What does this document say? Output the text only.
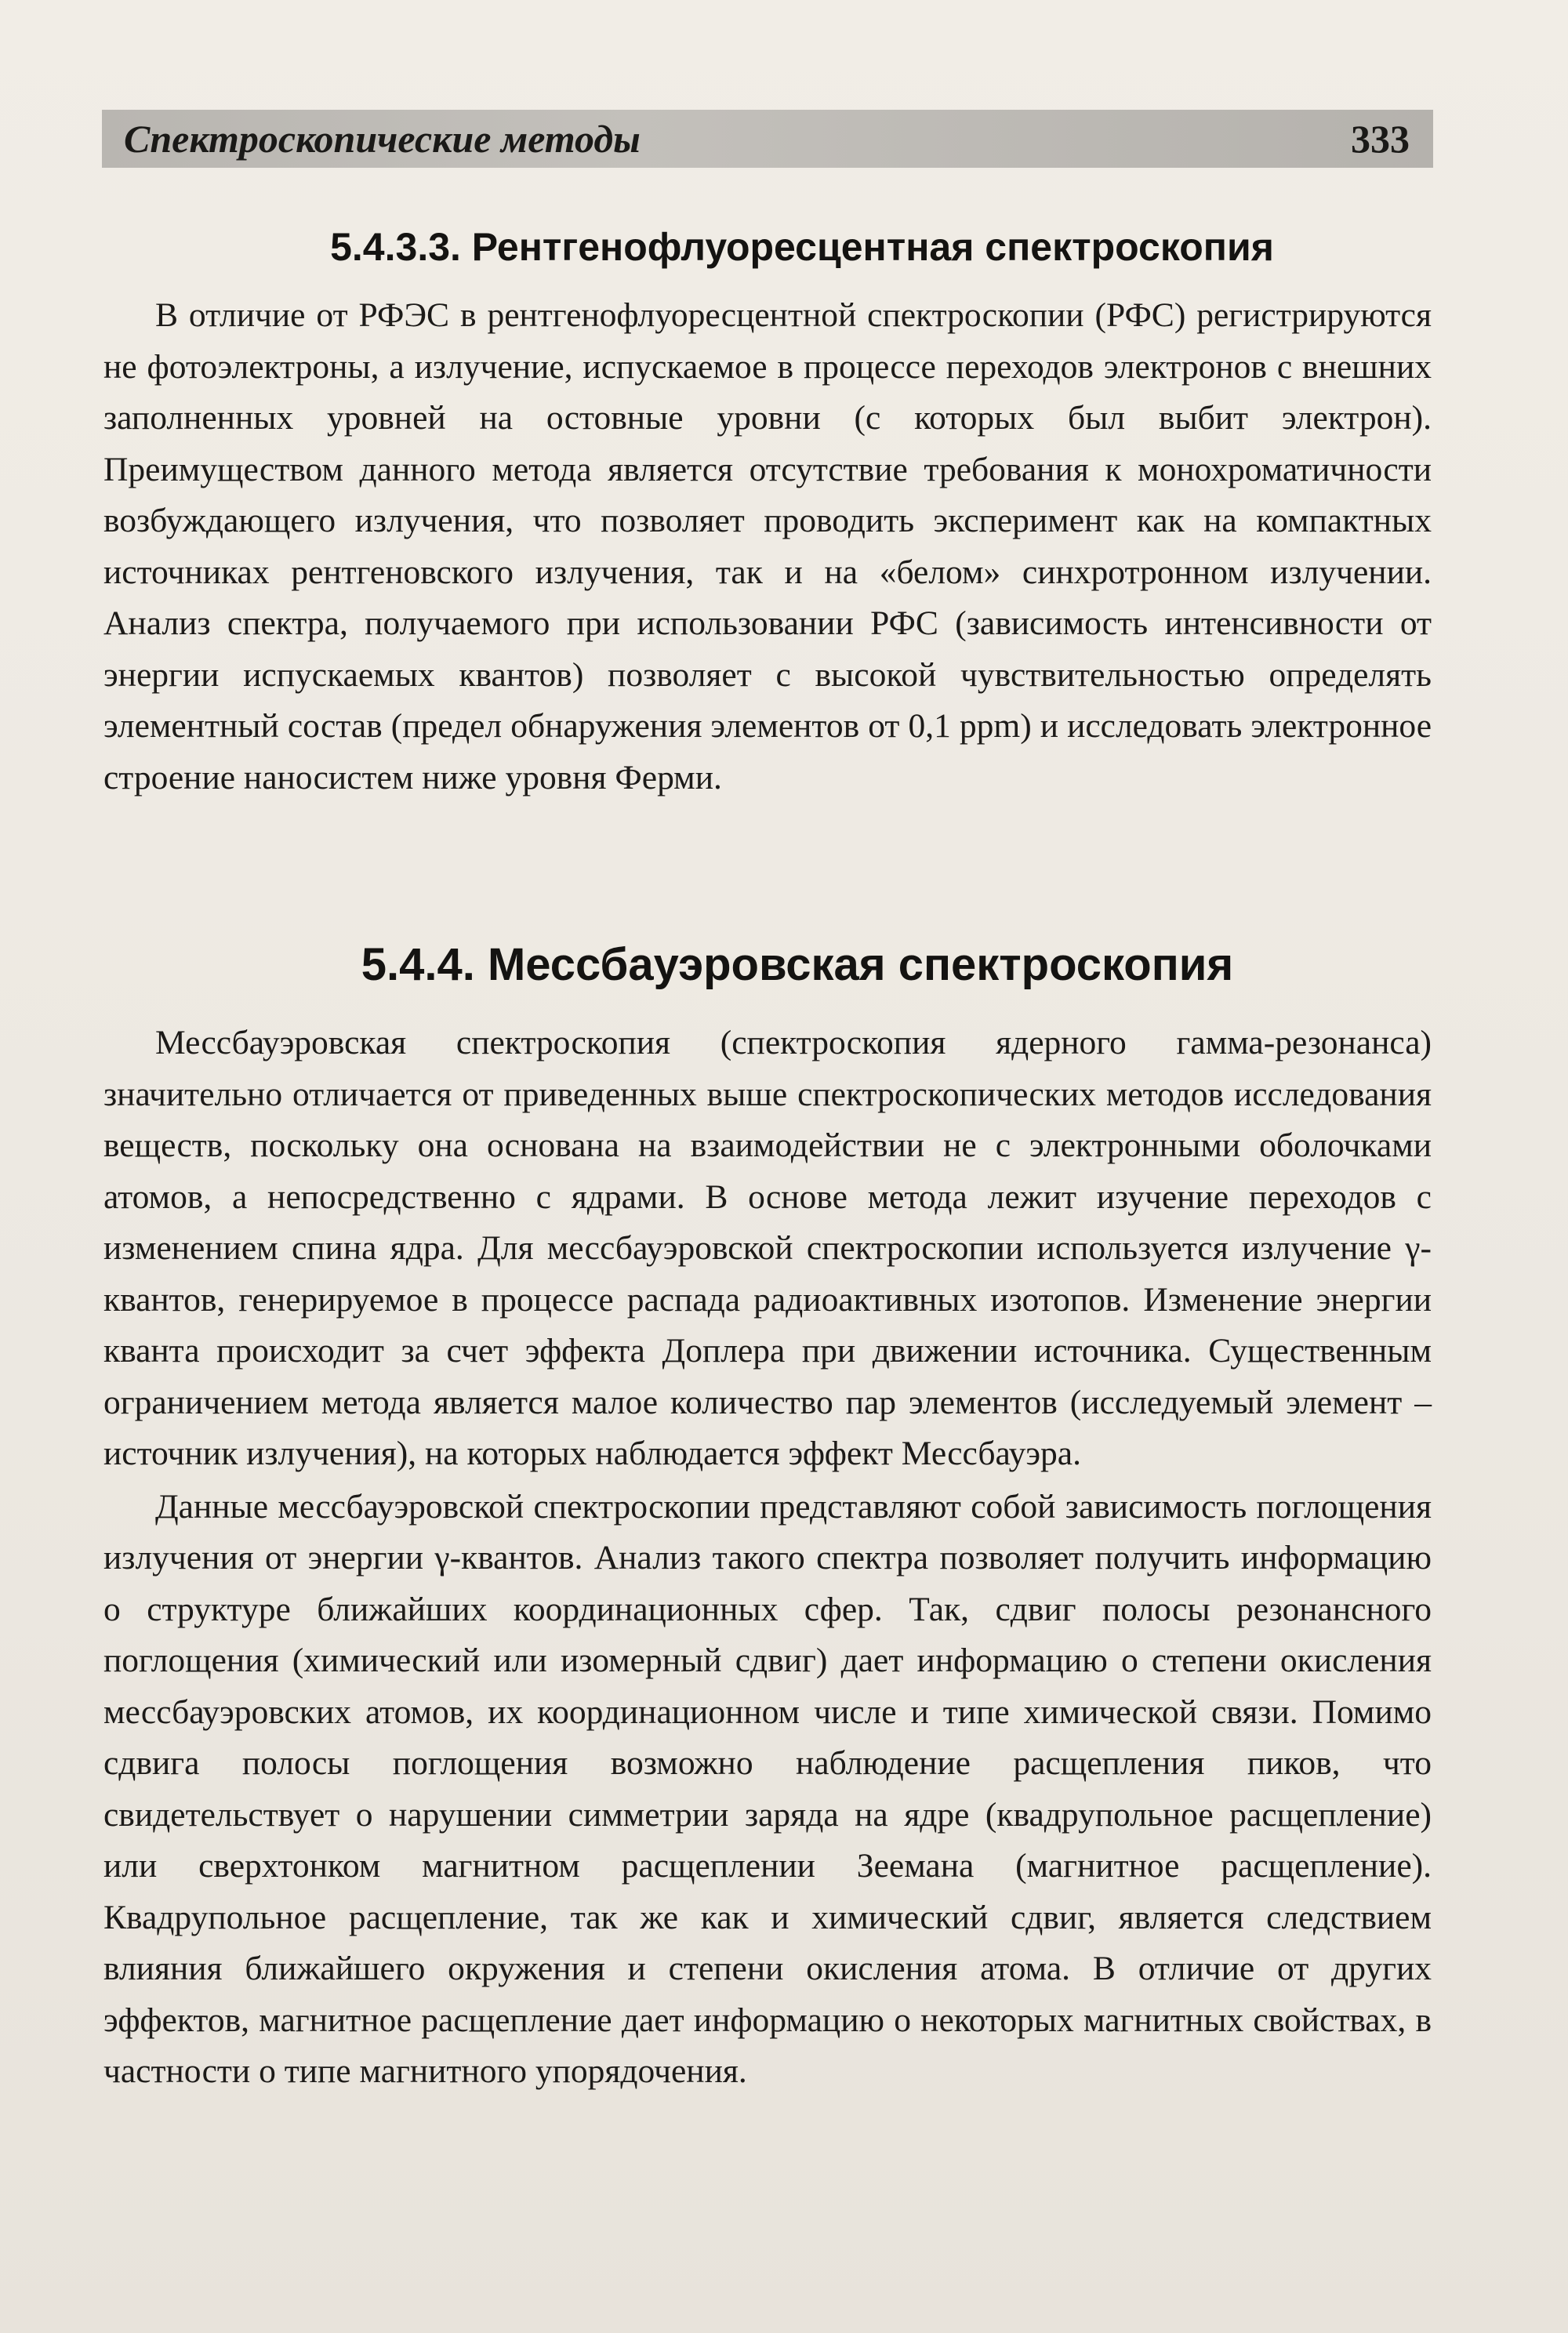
Спектроскопические методы	333
5.4.3.3. Рентгенофлуоресцентная спектроскопия

В отличие от РФЭС в рентгенофлуоресцентной спектроскопии (РФС) регистрируются не фотоэлектроны, а излучение, испускаемое в процессе переходов электронов с внешних заполненных уровней на остовные уровни (с которых был выбит электрон). Преимуществом данного метода является отсутствие требования к монохроматичности возбуждающего излучения, что позволяет проводить эксперимент как на компактных источниках рентгеновского излучения, так и на «белом» синхротронном излучении. Анализ спектра, получаемого при использовании РФС (зависимость интенсивности от энергии испускаемых квантов) позволяет с высокой чувствительностью определять элементный состав (предел обнаружения элементов от 0,1 ppm) и исследовать электронное строение наносистем ниже уровня Ферми.

5.4.4. Мессбауэровская спектроскопия

Мессбауэровская спектроскопия (спектроскопия ядерного гамма-резонанса) значительно отличается от приведенных выше спектроскопических методов исследования веществ, поскольку она основана на взаимодействии не с электронными оболочками атомов, а непосредственно с ядрами. В основе метода лежит изучение переходов с изменением спина ядра. Для мессбауэровской спектроскопии используется излучение γ-квантов, генерируемое в процессе распада радиоактивных изотопов. Изменение энергии кванта происходит за счет эффекта Доплера при движении источника. Существенным ограничением метода является малое количество пар элементов (исследуемый элемент – источник излучения), на которых наблюдается эффект Мессбауэра.

Данные мессбауэровской спектроскопии представляют собой зависимость поглощения излучения от энергии γ-квантов. Анализ такого спектра позволяет получить информацию о структуре ближайших координационных сфер. Так, сдвиг полосы резонансного поглощения (химический или изомерный сдвиг) дает информацию о степени окисления мессбауэровских атомов, их координационном числе и типе химической связи. Помимо сдвига полосы поглощения возможно наблюдение расщепления пиков, что свидетельствует о нарушении симметрии заряда на ядре (квадрупольное расщепление) или сверхтонком магнитном расщеплении Зеемана (магнитное расщепление). Квадрупольное расщепление, так же как и химический сдвиг, является следствием влияния ближайшего окружения и степени окисления атома. В отличие от других эффектов, магнитное расщепление дает информацию о некоторых магнитных свойствах, в частности о типе магнитного упорядочения.
